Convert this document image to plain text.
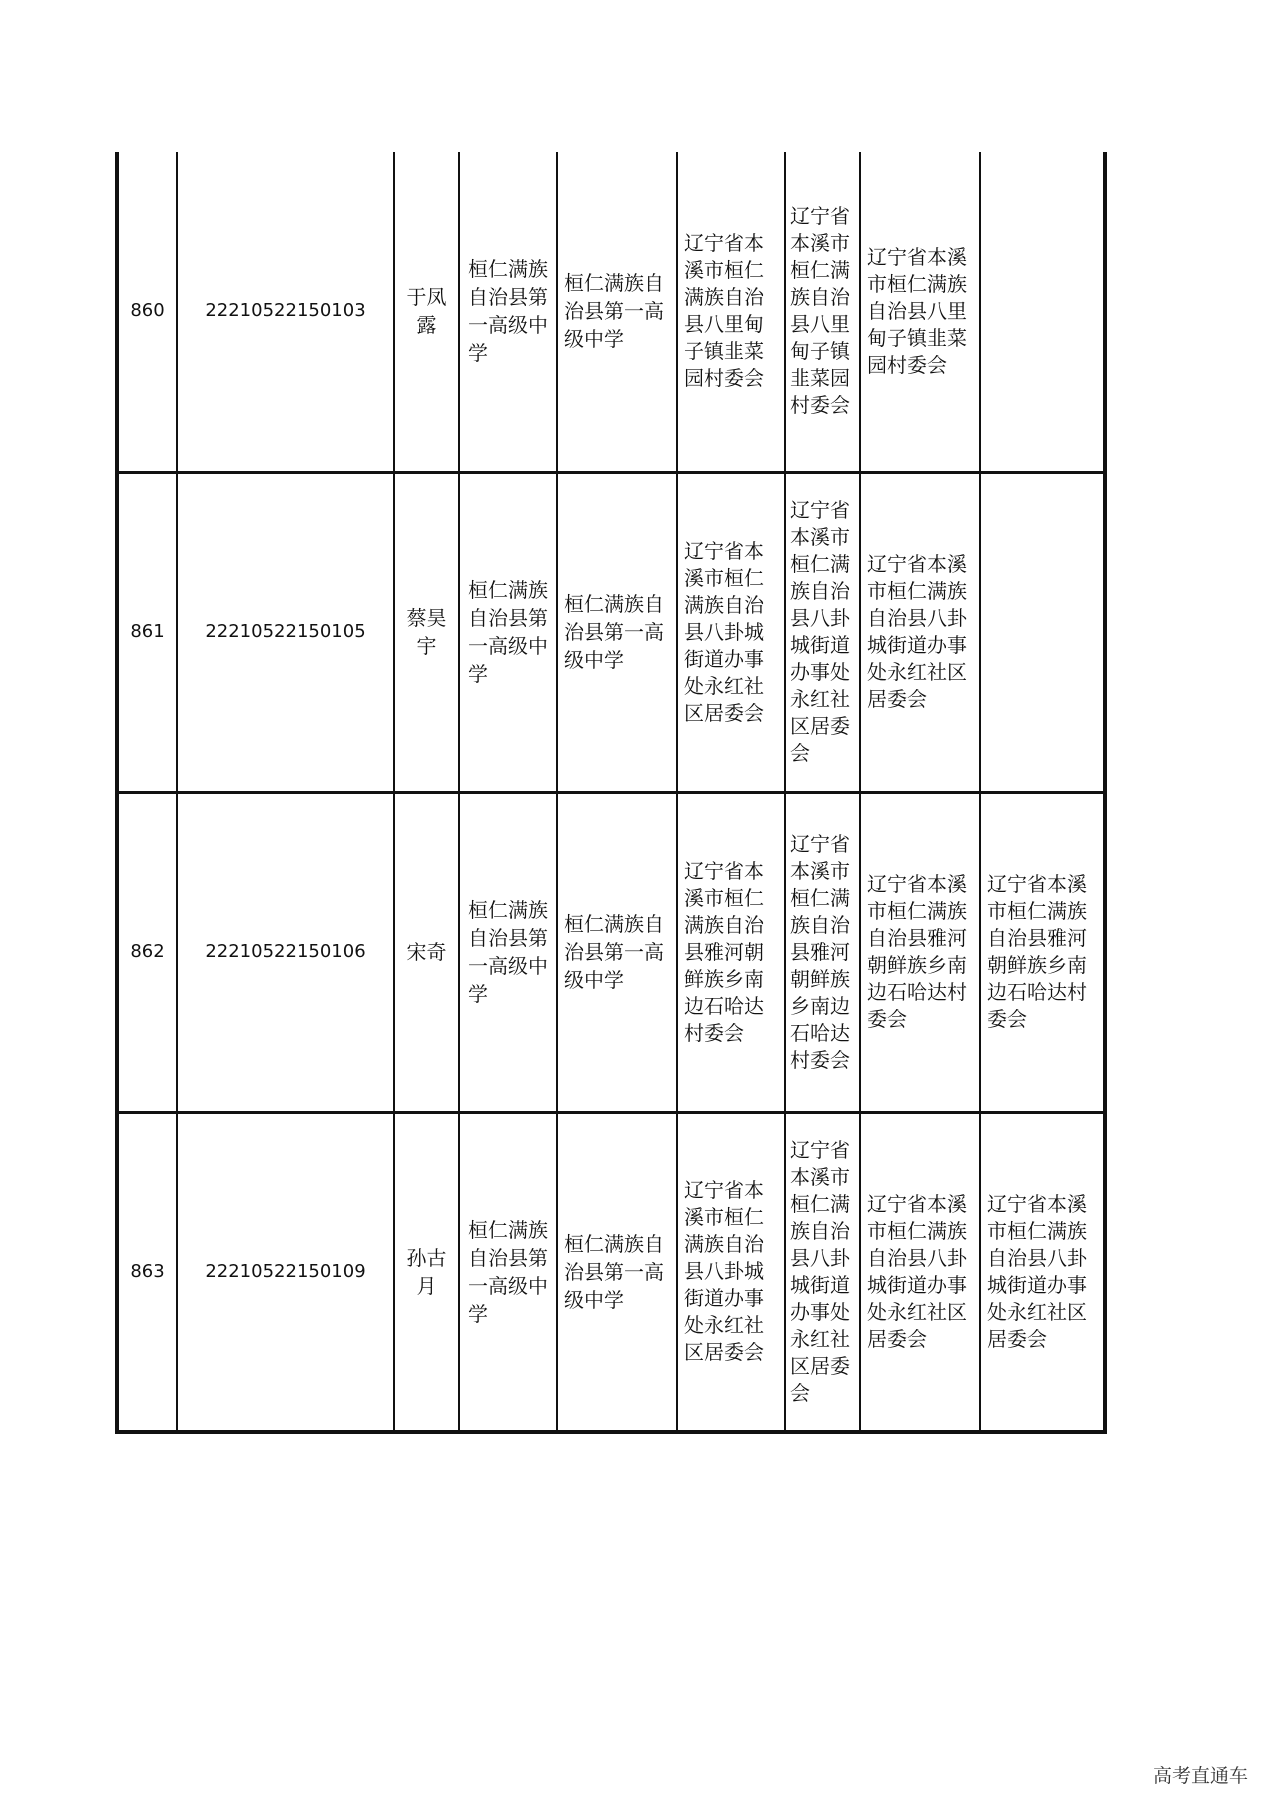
860	22210522150103	于凤露	桓仁满族自治县第一高级中学	桓仁满族自治县第一高级中学	辽宁省本溪市桓仁满族自治县八里甸子镇韭菜园村委会	辽宁省本溪市桓仁满族自治县八里甸子镇韭菜园村委会	辽宁省本溪市桓仁满族自治县八里甸子镇韭菜园村委会	
861	22210522150105	蔡昊宇	桓仁满族自治县第一高级中学	桓仁满族自治县第一高级中学	辽宁省本溪市桓仁满族自治县八卦城街道办事处永红社区居委会	辽宁省本溪市桓仁满族自治县八卦城街道办事处永红社区居委会	辽宁省本溪市桓仁满族自治县八卦城街道办事处永红社区居委会	
862	22210522150106	宋奇	桓仁满族自治县第一高级中学	桓仁满族自治县第一高级中学	辽宁省本溪市桓仁满族自治县雅河朝鲜族乡南边石哈达村委会	辽宁省本溪市桓仁满族自治县雅河朝鲜族乡南边石哈达村委会	辽宁省本溪市桓仁满族自治县雅河朝鲜族乡南边石哈达村委会	辽宁省本溪市桓仁满族自治县雅河朝鲜族乡南边石哈达村委会
863	22210522150109	孙古月	桓仁满族自治县第一高级中学	桓仁满族自治县第一高级中学	辽宁省本溪市桓仁满族自治县八卦城街道办事处永红社区居委会	辽宁省本溪市桓仁满族自治县八卦城街道办事处永红社区居委会	辽宁省本溪市桓仁满族自治县八卦城街道办事处永红社区居委会	辽宁省本溪市桓仁满族自治县八卦城街道办事处永红社区居委会
高考直通车
